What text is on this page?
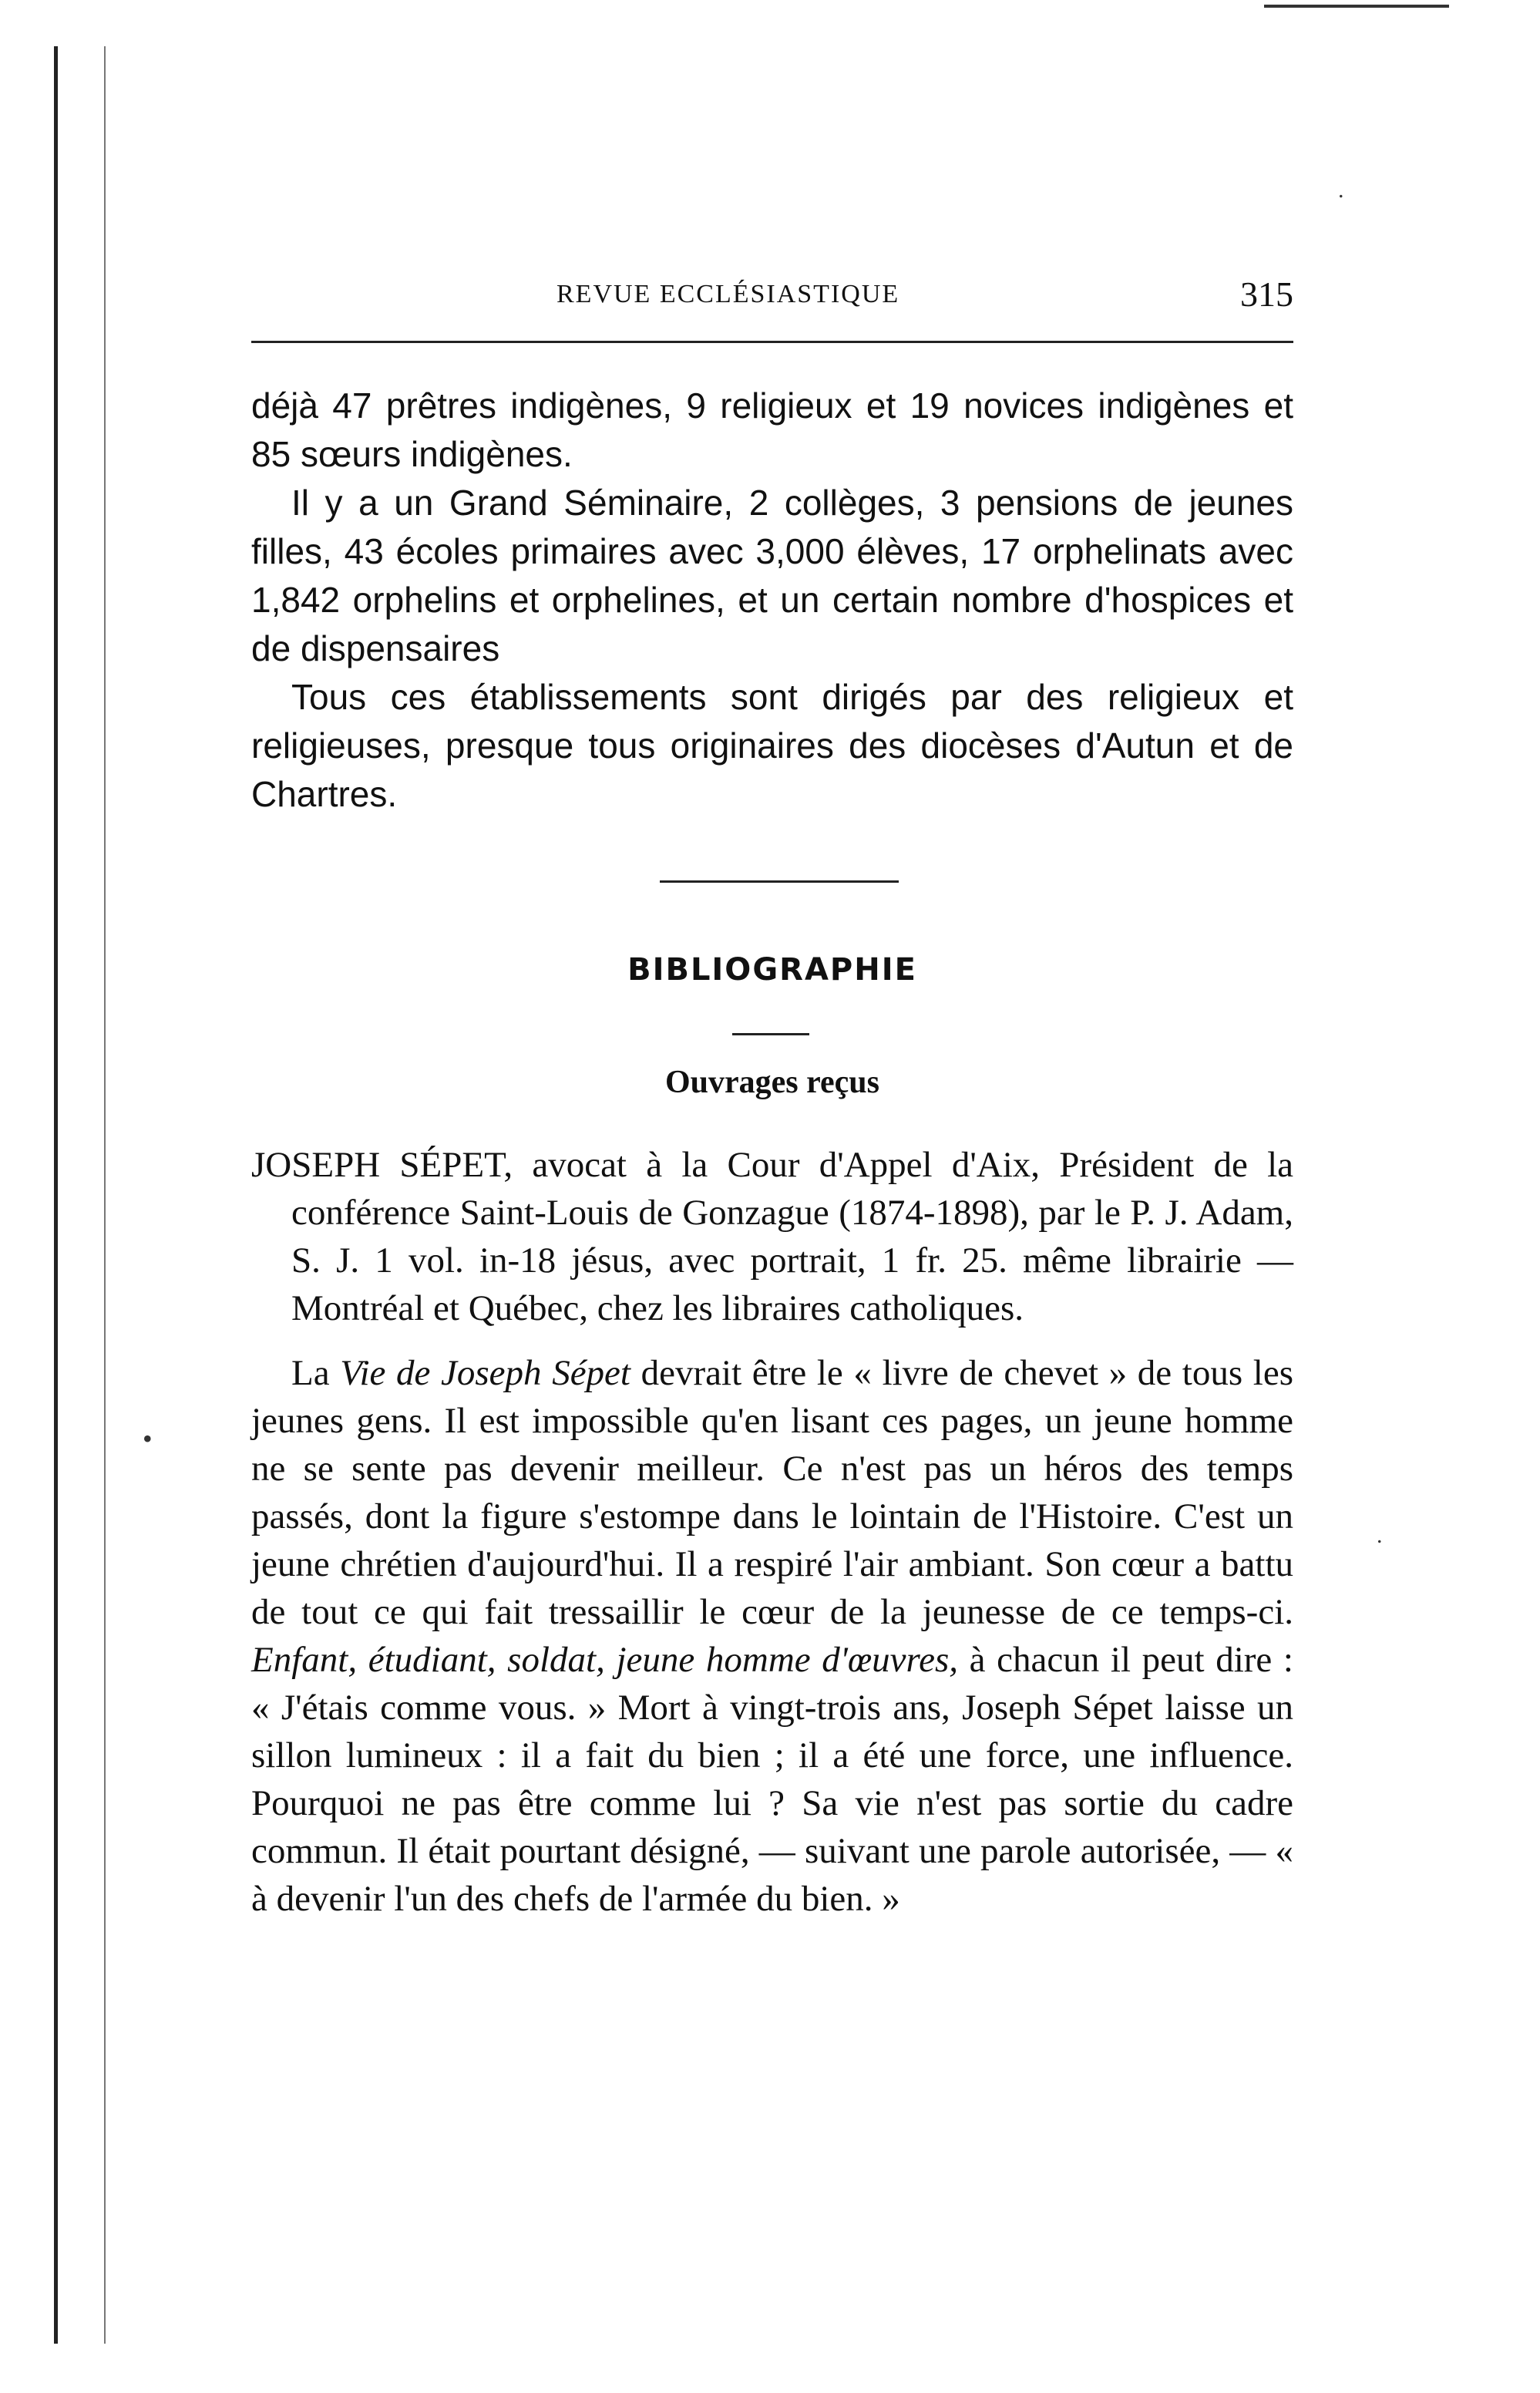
REVUE ECCLÉSIASTIQUE	315

déjà 47 prêtres indigènes, 9 religieux et 19 novices indigènes et 85 sœurs indigènes.

Il y a un Grand Séminaire, 2 collèges, 3 pensions de jeunes filles, 43 écoles primaires avec 3,000 élèves, 17 orphelinats avec 1,842 orphelins et orphelines, et un certain nombre d'hospices et de dispensaires

Tous ces établissements sont dirigés par des religieux et religieuses, presque tous originaires des diocèses d'Autun et de Chartres.

BIBLIOGRAPHIE
Ouvrages reçus

JOSEPH SÉPET, avocat à la Cour d'Appel d'Aix, Président de la conférence Saint-Louis de Gonzague (1874-1898), par le P. J. Adam, S. J. 1 vol. in-18 jésus, avec portrait, 1 fr. 25. même librairie — Montréal et Québec, chez les libraires catholiques.

La Vie de Joseph Sépet devrait être le « livre de chevet » de tous les jeunes gens. Il est impossible qu'en lisant ces pages, un jeune homme ne se sente pas devenir meilleur. Ce n'est pas un héros des temps passés, dont la figure s'estompe dans le lointain de l'Histoire. C'est un jeune chrétien d'aujourd'hui. Il a respiré l'air ambiant. Son cœur a battu de tout ce qui fait tressaillir le cœur de la jeunesse de ce temps-ci. Enfant, étudiant, soldat, jeune homme d'œuvres, à chacun il peut dire : « J'étais comme vous. » Mort à vingt-trois ans, Joseph Sépet laisse un sillon lumineux : il a fait du bien ; il a été une force, une influence. Pourquoi ne pas être comme lui ? Sa vie n'est pas sortie du cadre commun. Il était pourtant désigné, — suivant une parole autorisée, — « à devenir l'un des chefs de l'armée du bien. »

.
•
.
